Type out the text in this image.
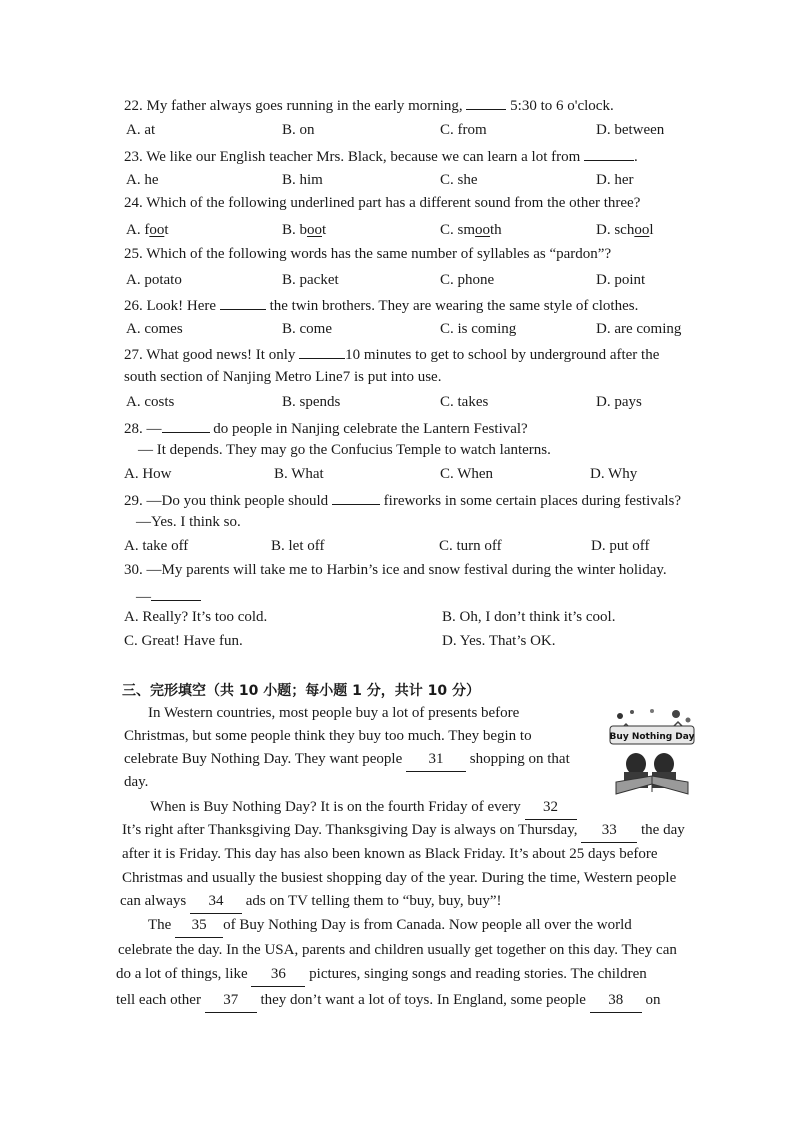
22. My father always goes running in the early morning,	5:30 to 6 o'clock.
A. at	B. on	C. from	D. between
23. We like our English teacher Mrs. Black, because we can learn a lot from	.
A. he	B. him	C. she	D. her
24. Which of the following underlined part has a different sound from the other three?
A. foot	B. boot	C. smooth	D. school
25. Which of the following words has the same number of syllables as “pardon”?
A. potato	B. packet	C. phone	D. point
26. Look! Here	the twin brothers. They are wearing the same style of clothes.
A. comes	B. come	C. is coming	D. are coming
27. What good news! It only	10 minutes to get to school by underground after the
south section of Nanjing Metro Line7 is put into use.
A. costs	B. spends	C. takes	D. pays
28. —	do people in Nanjing celebrate the Lantern Festival?
— It depends. They may go the Confucius Temple to watch lanterns.
A. How	B. What	C. When	D. Why
29. —Do you think people should	fireworks in some certain places during festivals?
—Yes. I think so.
A. take off	B. let off	C. turn off	D. put off
30. —My parents will take me to Harbin’s ice and snow festival during the winter holiday.
—
A. Really? It’s too cold.	B. Oh, I don’t think it’s cool.
C. Great! Have fun.	D. Yes. That’s OK.
三、完形填空（共 10 小题；每小题 1 分，共计 10 分）
Buy Nothing Day
In Western countries, most people buy a lot of presents before
Christmas, but some people think they buy too much. They begin to
celebrate Buy Nothing Day. They want people 31 shopping on that
day.
When is Buy Nothing Day? It is on the fourth Friday of every 32
It’s right after Thanksgiving Day. Thanksgiving Day is always on Thursday, 33 the day
after it is Friday. This day has also been known as Black Friday. It’s about 25 days before
Christmas and usually the busiest shopping day of the year. During the time, Western people
can always 34 ads on TV telling them to “buy, buy, buy”!
The 35 of Buy Nothing Day is from Canada. Now people all over the world
celebrate the day. In the USA, parents and children usually get together on this day. They can
do a lot of things, like 36 pictures, singing songs and reading stories. The children
tell each other 37 they don’t want a lot of toys. In England, some people 38 on
